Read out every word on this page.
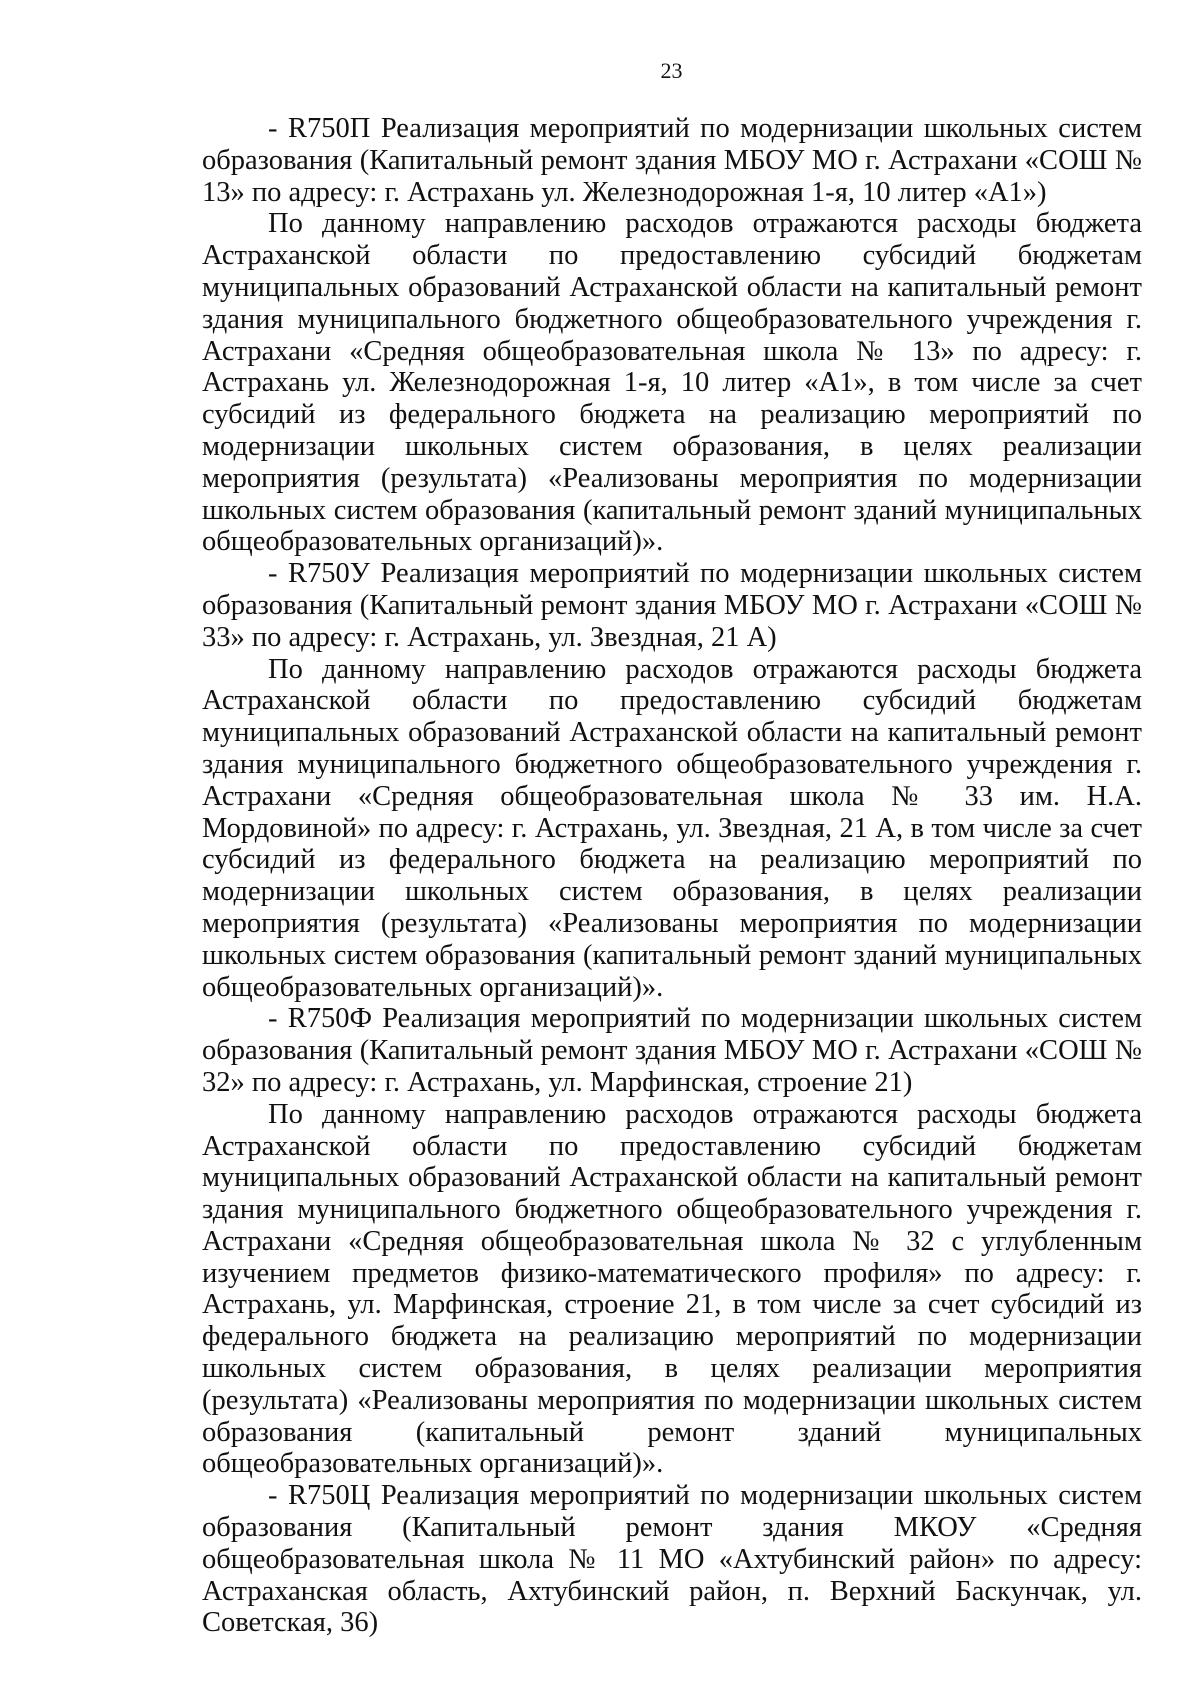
23

- R750П Реализация мероприятий по модернизации школьных систем образования (Капитальный ремонт здания МБОУ МО г. Астрахани «СОШ № 13» по адресу: г. Астрахань ул. Железнодорожная 1-я, 10 литер «А1»)

По данному направлению расходов отражаются расходы бюджета Астраханской области по предоставлению субсидий бюджетам муниципальных образований Астраханской области на капитальный ремонт здания муниципального бюджетного общеобразовательного учреждения г. Астрахани «Средняя общеобразовательная школа № 13» по адресу: г. Астрахань ул. Железнодорожная 1-я, 10 литер «А1», в том числе за счет субсидий из федерального бюджета на реализацию мероприятий по модернизации школьных систем образования, в целях реализации мероприятия (результата) «Реализованы мероприятия по модернизации школьных систем образования (капитальный ремонт зданий муниципальных общеобразовательных организаций)».

- R750У Реализация мероприятий по модернизации школьных систем образования (Капитальный ремонт здания МБОУ МО г. Астрахани «СОШ № 33» по адресу: г. Астрахань, ул. Звездная, 21 А)

По данному направлению расходов отражаются расходы бюджета Астраханской области по предоставлению субсидий бюджетам муниципальных образований Астраханской области на капитальный ремонт здания муниципального бюджетного общеобразовательного учреждения г. Астрахани «Средняя общеобразовательная школа № 33 им. Н.А. Мордовиной» по адресу: г. Астрахань, ул. Звездная, 21 А, в том числе за счет субсидий из федерального бюджета на реализацию мероприятий по модернизации школьных систем образования, в целях реализации мероприятия (результата) «Реализованы мероприятия по модернизации школьных систем образования (капитальный ремонт зданий муниципальных общеобразовательных организаций)».

- R750Ф Реализация мероприятий по модернизации школьных систем образования (Капитальный ремонт здания МБОУ МО г. Астрахани «СОШ № 32» по адресу: г. Астрахань, ул. Марфинская, строение 21)

По данному направлению расходов отражаются расходы бюджета Астраханской области по предоставлению субсидий бюджетам муниципальных образований Астраханской области на капитальный ремонт здания муниципального бюджетного общеобразовательного учреждения г. Астрахани «Средняя общеобразовательная школа № 32 с углубленным изучением предметов физико-математического профиля» по адресу: г. Астрахань, ул. Марфинская, строение 21, в том числе за счет субсидий из федерального бюджета на реализацию мероприятий по модернизации школьных систем образования, в целях реализации мероприятия (результата) «Реализованы мероприятия по модернизации школьных систем образования (капитальный ремонт зданий муниципальных общеобразовательных организаций)».

- R750Ц Реализация мероприятий по модернизации школьных систем образования (Капитальный ремонт здания МКОУ «Средняя общеобразовательная школа № 11 МО «Ахтубинский район» по адресу: Астраханская область, Ахтубинский район, п. Верхний Баскунчак, ул. Советская, 36)
